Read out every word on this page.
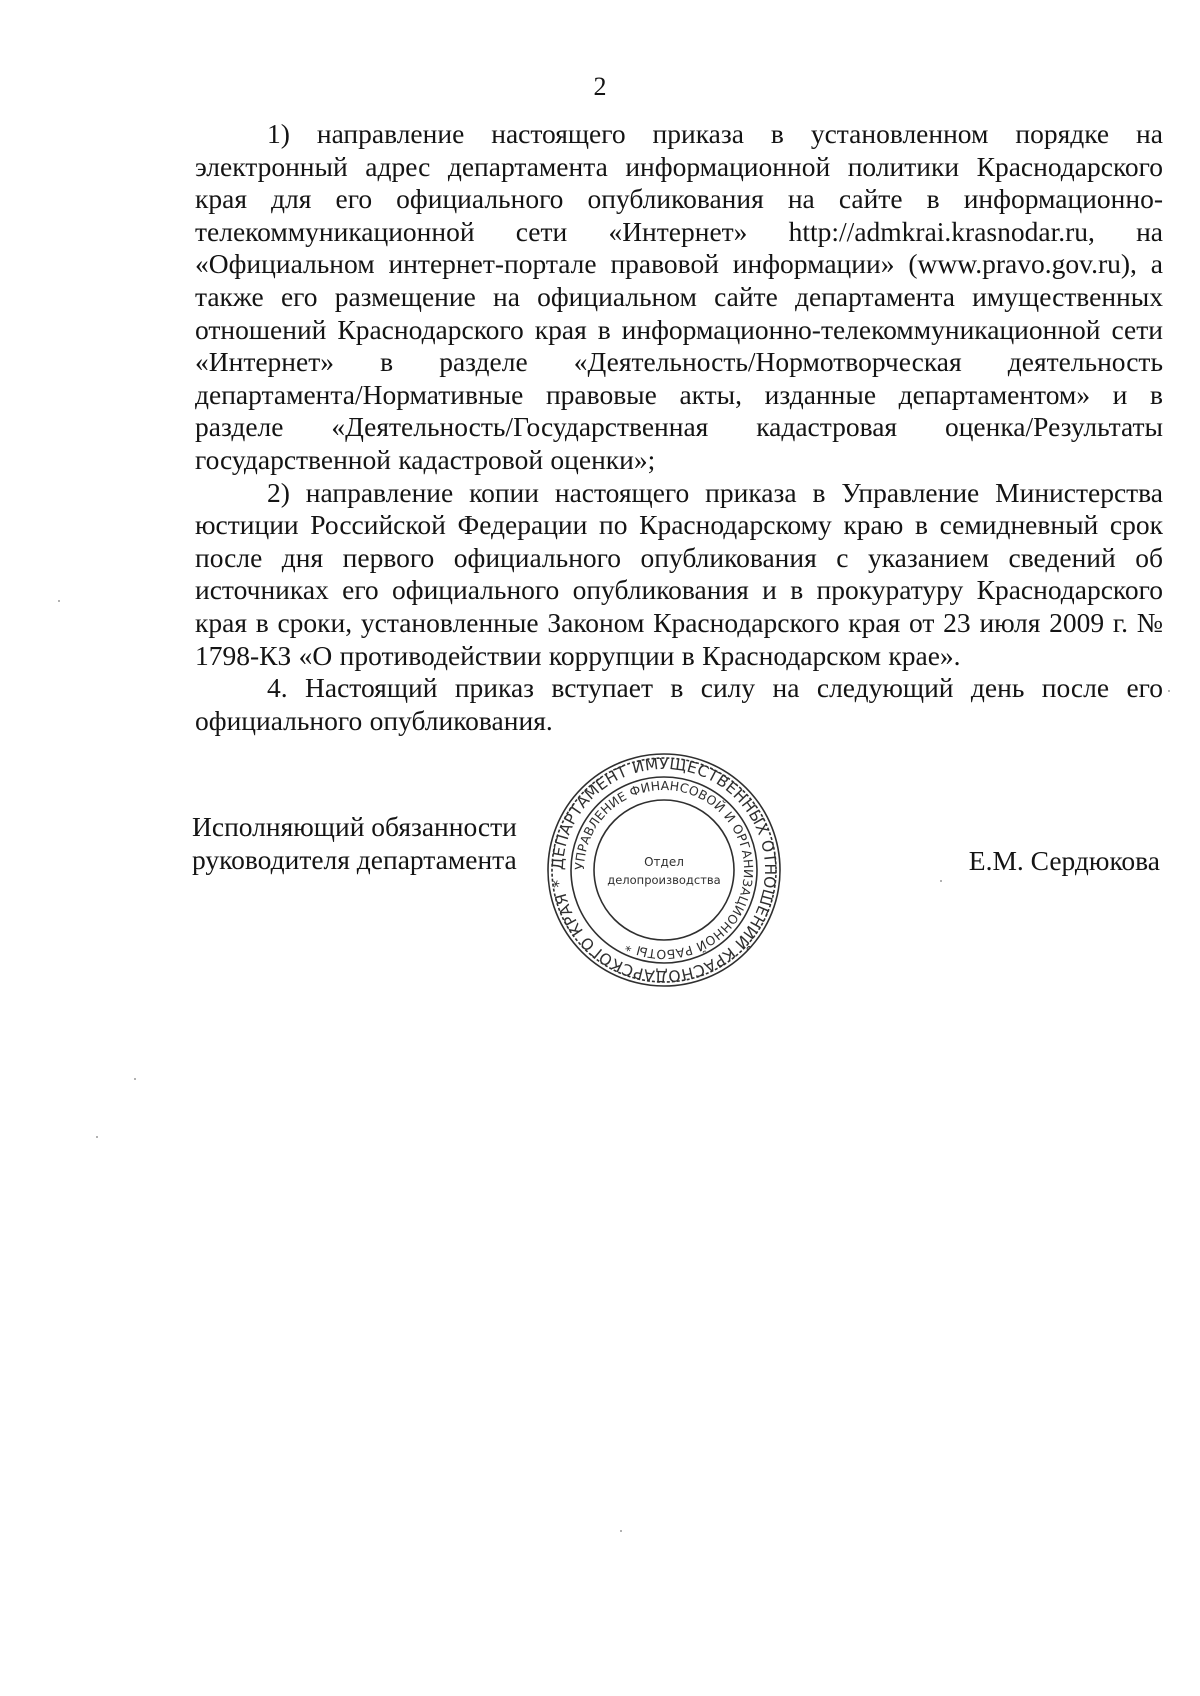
2

1) направление настоящего приказа в установленном порядке на электронный адрес департамента информационной политики Краснодарского края для его официального опубликования на сайте в информационно-телекоммуникационной сети «Интернет» http://admkrai.krasnodar.ru, на «Официальном интернет-портале правовой информации» (www.pravo.gov.ru), а также его размещение на официальном сайте департамента имущественных отношений Краснодарского края в информационно-телекоммуникационной сети «Интернет» в разделе «Деятельность/Нормотворческая деятельность департамента/Нормативные правовые акты, изданные департаментом» и в разделе «Деятельность/Государственная кадастровая оценка/Результаты государственной кадастровой оценки»;

2) направление копии настоящего приказа в Управление Министерства юстиции Российской Федерации по Краснодарскому краю в семидневный срок после дня первого официального опубликования с указанием сведений об источниках его официального опубликования и в прокуратуру Краснодарского края в сроки, установленные Законом Краснодарского края от 23 июля 2009 г. № 1798-КЗ «О противодействии коррупции в Краснодарском крае».

4. Настоящий приказ вступает в силу на следующий день после его официального опубликования.

Исполняющий обязанности
руководителя департамента ДЕПАРТАМЕНТ ИМУЩЕСТВЕННЫХ ОТНОШЕНИЙ КРАСНОДАРСКОГО КРАЯ *
УПРАВЛЕНИЕ ФИНАНСОВОЙ И ОРГАНИЗАЦИОННОЙ РАБОТЫ *
Отдел
делопроизводства
Е.М. Сердюкова
